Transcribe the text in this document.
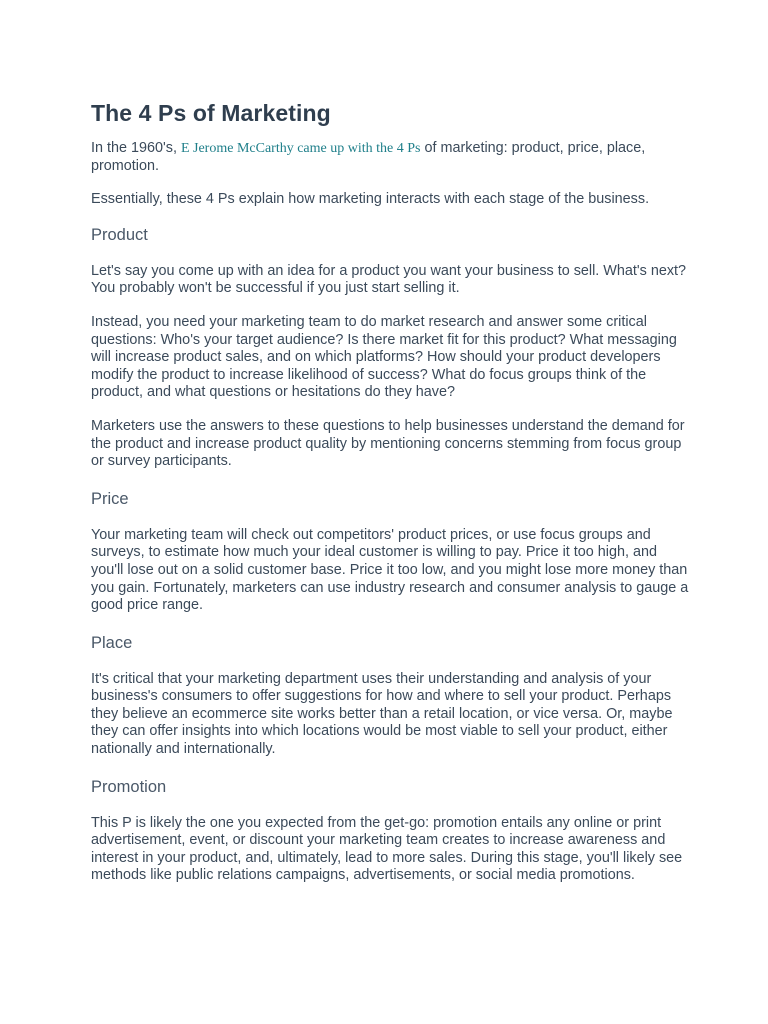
The 4 Ps of Marketing

In the 1960's, E Jerome McCarthy came up with the 4 Ps of marketing: product, price, place, promotion.

Essentially, these 4 Ps explain how marketing interacts with each stage of the business.

Product

Let's say you come up with an idea for a product you want your business to sell. What's next? You probably won't be successful if you just start selling it.

Instead, you need your marketing team to do market research and answer some critical questions: Who's your target audience? Is there market fit for this product? What messaging will increase product sales, and on which platforms? How should your product developers modify the product to increase likelihood of success? What do focus groups think of the product, and what questions or hesitations do they have?

Marketers use the answers to these questions to help businesses understand the demand for the product and increase product quality by mentioning concerns stemming from focus group or survey participants.

Price

Your marketing team will check out competitors' product prices, or use focus groups and surveys, to estimate how much your ideal customer is willing to pay. Price it too high, and you'll lose out on a solid customer base. Price it too low, and you might lose more money than you gain. Fortunately, marketers can use industry research and consumer analysis to gauge a good price range.

Place

It's critical that your marketing department uses their understanding and analysis of your business's consumers to offer suggestions for how and where to sell your product. Perhaps they believe an ecommerce site works better than a retail location, or vice versa. Or, maybe they can offer insights into which locations would be most viable to sell your product, either nationally and internationally.

Promotion

This P is likely the one you expected from the get-go: promotion entails any online or print advertisement, event, or discount your marketing team creates to increase awareness and interest in your product, and, ultimately, lead to more sales. During this stage, you'll likely see methods like public relations campaigns, advertisements, or social media promotions.
